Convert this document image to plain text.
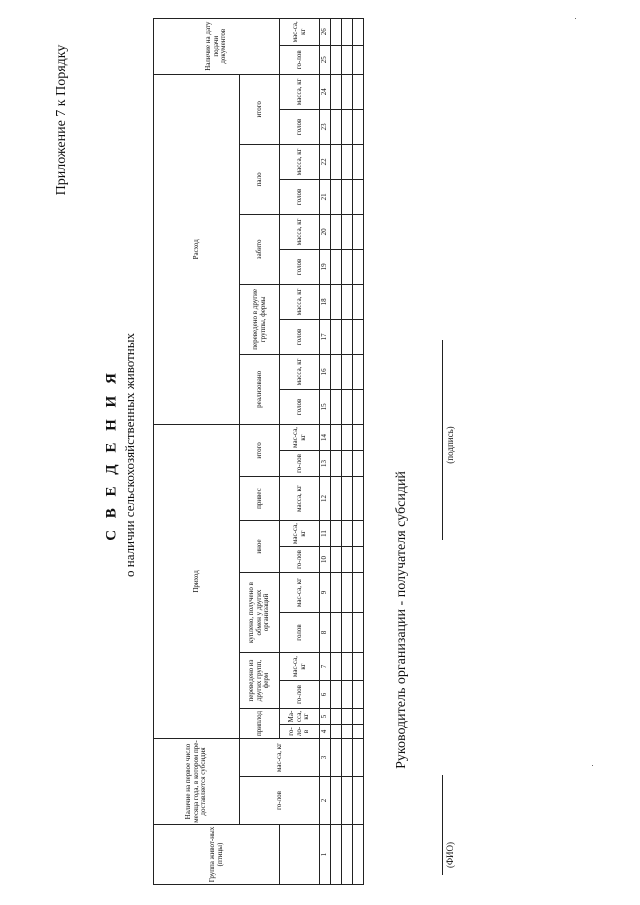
Приложение 7 к Порядку
С В Е Д Е Н И Я о наличии сельскохозяйственных животных
Группа живот-ных (птицы)	Наличие на первое число месяца года, в котором пре-доставляется субсидия		Приход											Расход										Наличие на дату подачи документов	
	го-лов	мас-са, кг																							
			приплод		переведено из других групп, ферм		куплено, получено в обмен у других организаций		иное		привес	итого		реализовано		переведено в другие группы, фермы		забито		пало		итого			
			го-ло-в	Ма-сса, кг	го-лов	мас-са, кг	голов	мас-са, кг	го-лов	мас-са, кг	масса, кг	го-лов	мас-са, кг	голов	масса, кг	голов	масса, кг	голов	масса, кг	голов	масса, кг	голов	масса, кг	го-лов	мас-са, кг
1	2	3	4	5	6	7	8	9	10	11	12	13	14	15	16	17	18	19	20	21	22	23	24	25	26

Руководитель организации - получателя субсидий
(ФИО)
(подпись)
